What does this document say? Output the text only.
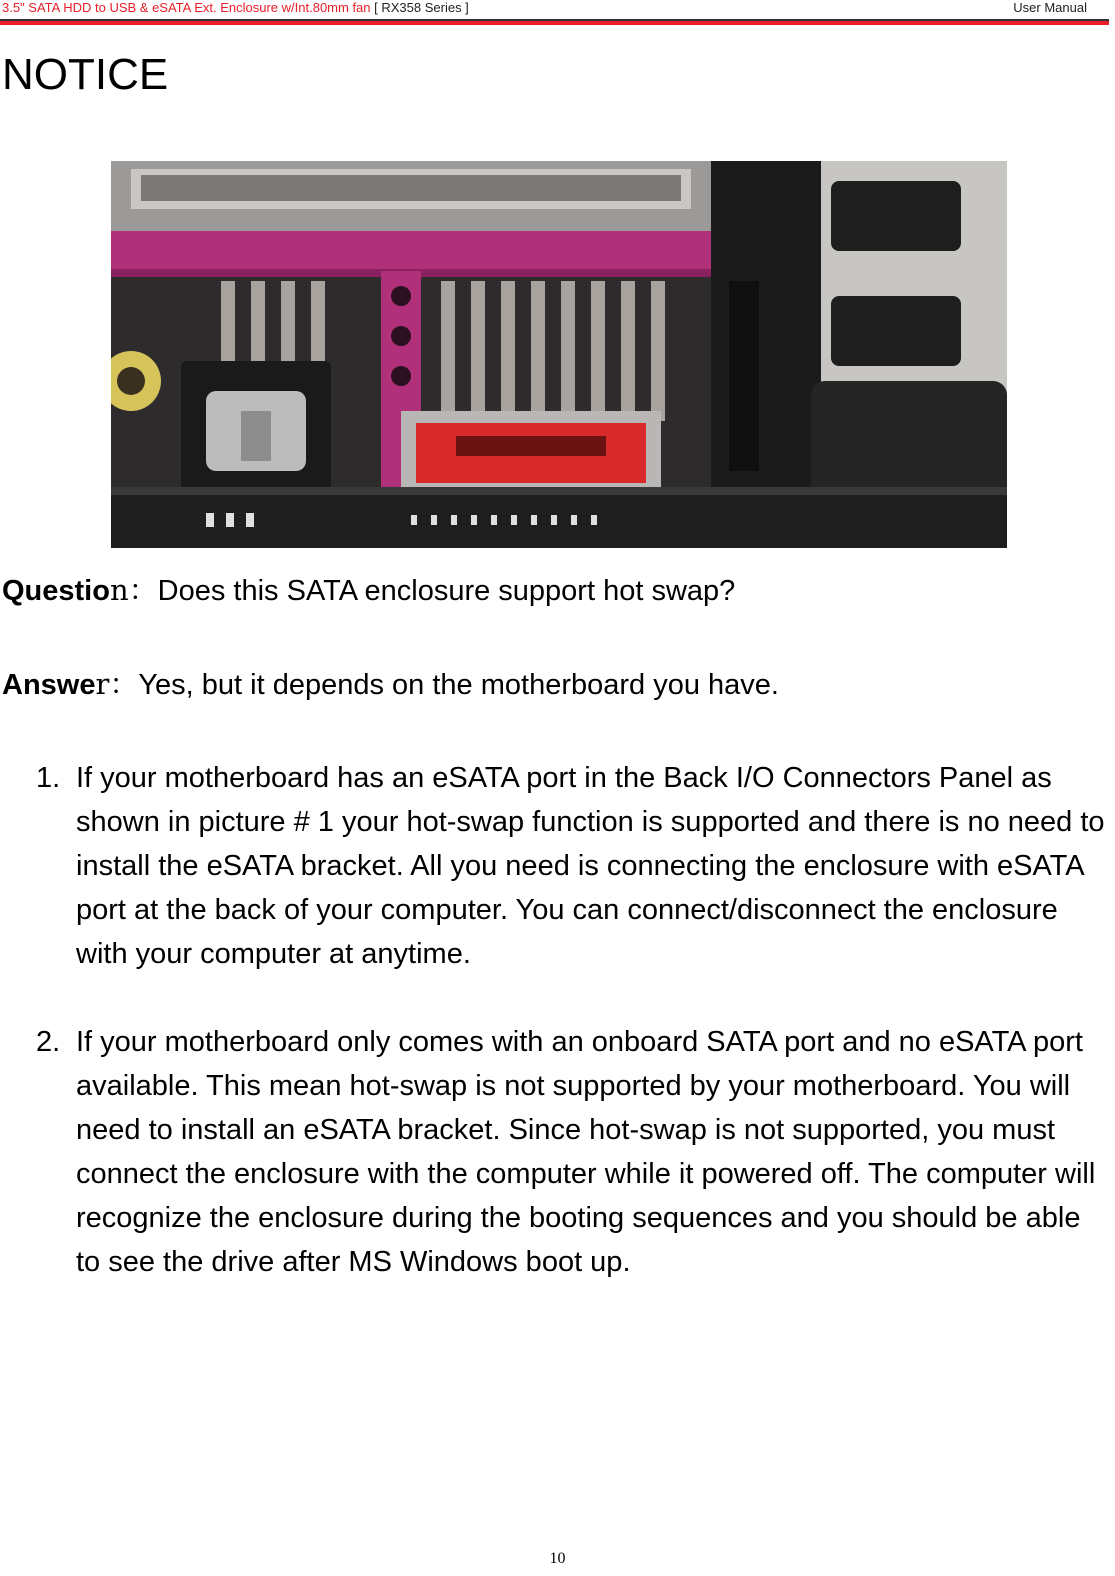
3.5" SATA HDD to USB & eSATA Ext. Enclosure w/Int.80mm fan [ RX358 Series ]	User Manual
NOTICE
Question：Does this SATA enclosure support hot swap?
Answer：Yes, but it depends on the motherboard you have.
1. If your motherboard has an eSATA port in the Back I/O Connectors Panel as shown in picture # 1 your hot-swap function is supported and there is no need to install the eSATA bracket. All you need is connecting the enclosure with eSATA port at the back of your computer. You can connect/disconnect the enclosure with your computer at anytime.
2. If your motherboard only comes with an onboard SATA port and no eSATA port available. This mean hot-swap is not supported by your motherboard. You will need to install an eSATA bracket. Since hot-swap is not supported, you must connect the enclosure with the computer while it powered off. The computer will recognize the enclosure during the booting sequences and you should be able to see the drive after MS Windows boot up.
10
